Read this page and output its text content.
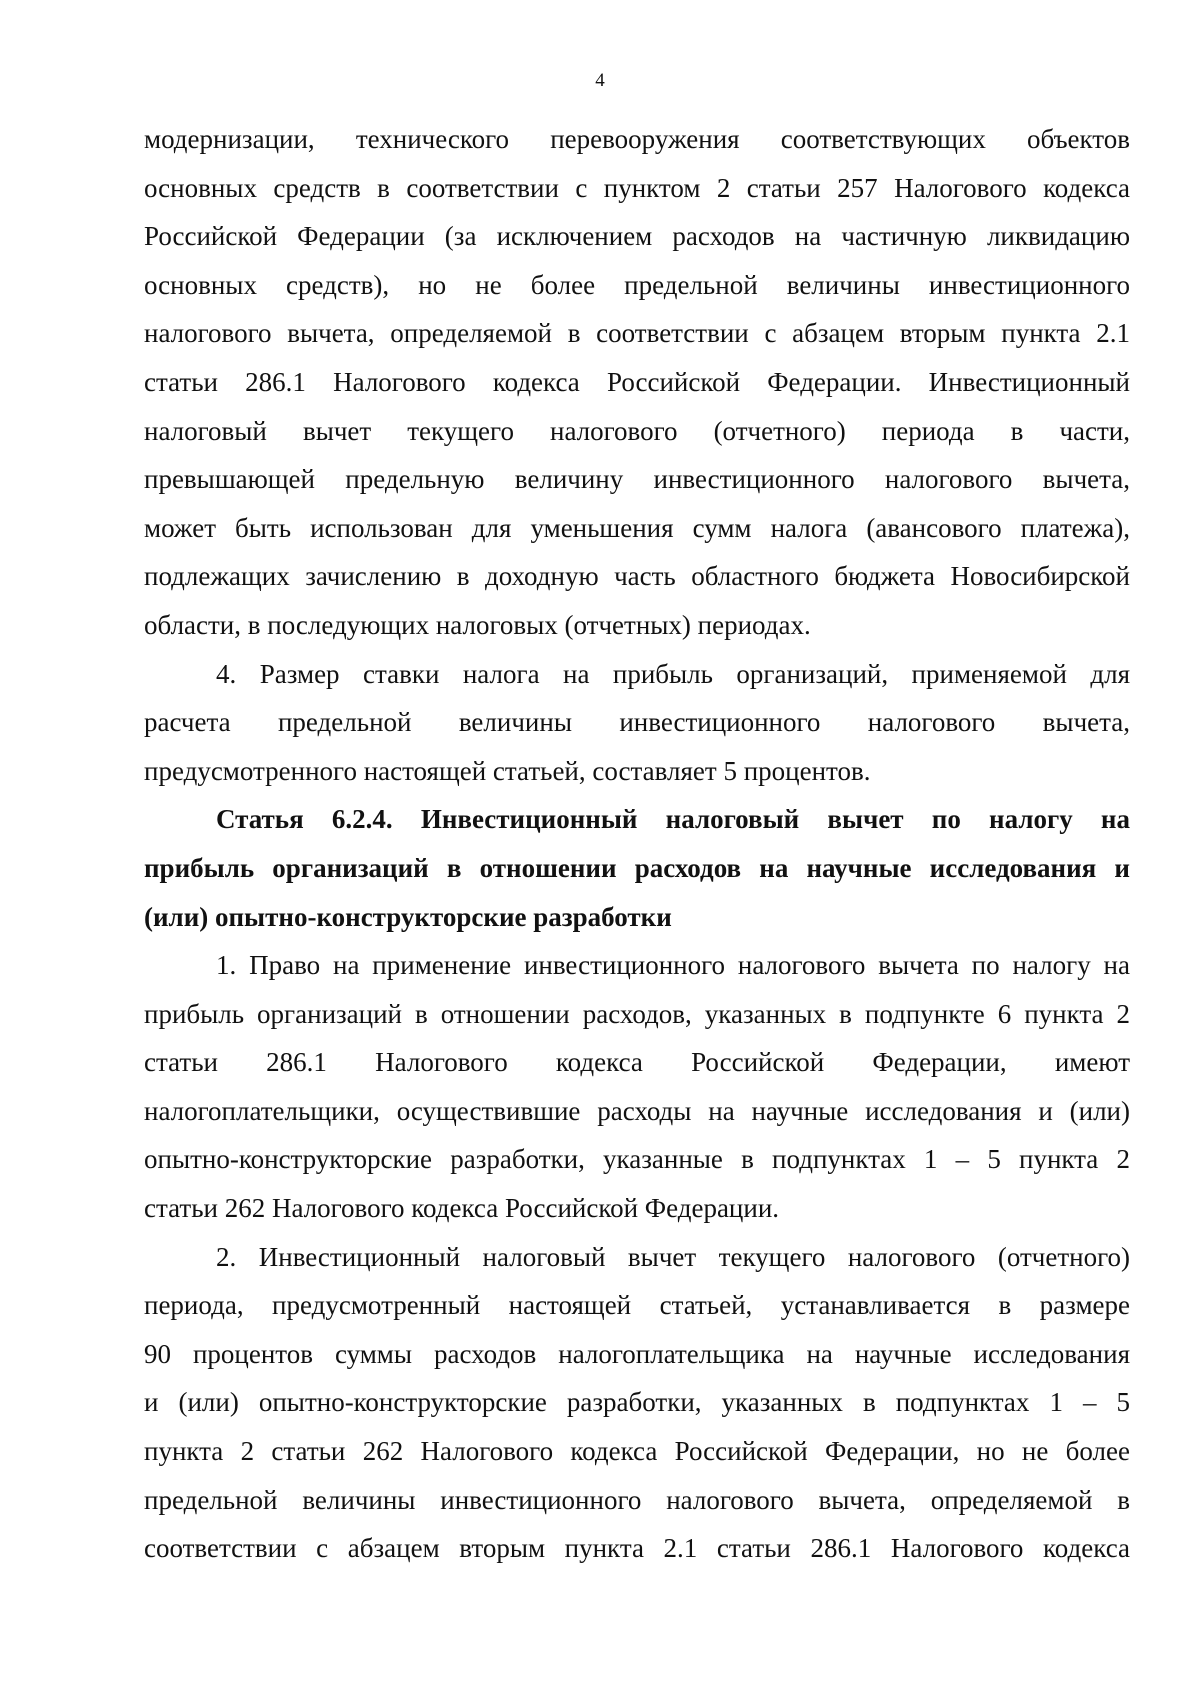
4
модернизации, технического перевооружения соответствующих объектов
основных средств в соответствии с пунктом 2 статьи 257 Налогового кодекса
Российской Федерации (за исключением расходов на частичную ликвидацию
основных средств), но не более предельной величины инвестиционного
налогового вычета, определяемой в соответствии с абзацем вторым пункта 2.1
статьи 286.1 Налогового кодекса Российской Федерации. Инвестиционный
налоговый вычет текущего налогового (отчетного) периода в части,
превышающей предельную величину инвестиционного налогового вычета,
может быть использован для уменьшения сумм налога (авансового платежа),
подлежащих зачислению в доходную часть областного бюджета Новосибирской
области, в последующих налоговых (отчетных) периодах.
4. Размер ставки налога на прибыль организаций, применяемой для
расчета предельной величины инвестиционного налогового вычета,
предусмотренного настоящей статьей, составляет 5 процентов.
Статья 6.2.4. Инвестиционный налоговый вычет по налогу на
прибыль организаций в отношении расходов на научные исследования и
(или) опытно-конструкторские разработки
1. Право на применение инвестиционного налогового вычета по налогу на
прибыль организаций в отношении расходов, указанных в подпункте 6 пункта 2
статьи 286.1 Налогового кодекса Российской Федерации, имеют
налогоплательщики, осуществившие расходы на научные исследования и (или)
опытно-конструкторские разработки, указанные в подпунктах 1 – 5 пункта 2
статьи 262 Налогового кодекса Российской Федерации.
2. Инвестиционный налоговый вычет текущего налогового (отчетного)
периода, предусмотренный настоящей статьей, устанавливается в размере
90 процентов суммы расходов налогоплательщика на научные исследования
и (или) опытно-конструкторские разработки, указанных в подпунктах 1 – 5
пункта 2 статьи 262 Налогового кодекса Российской Федерации, но не более
предельной величины инвестиционного налогового вычета, определяемой в
соответствии с абзацем вторым пункта 2.1 статьи 286.1 Налогового кодекса
